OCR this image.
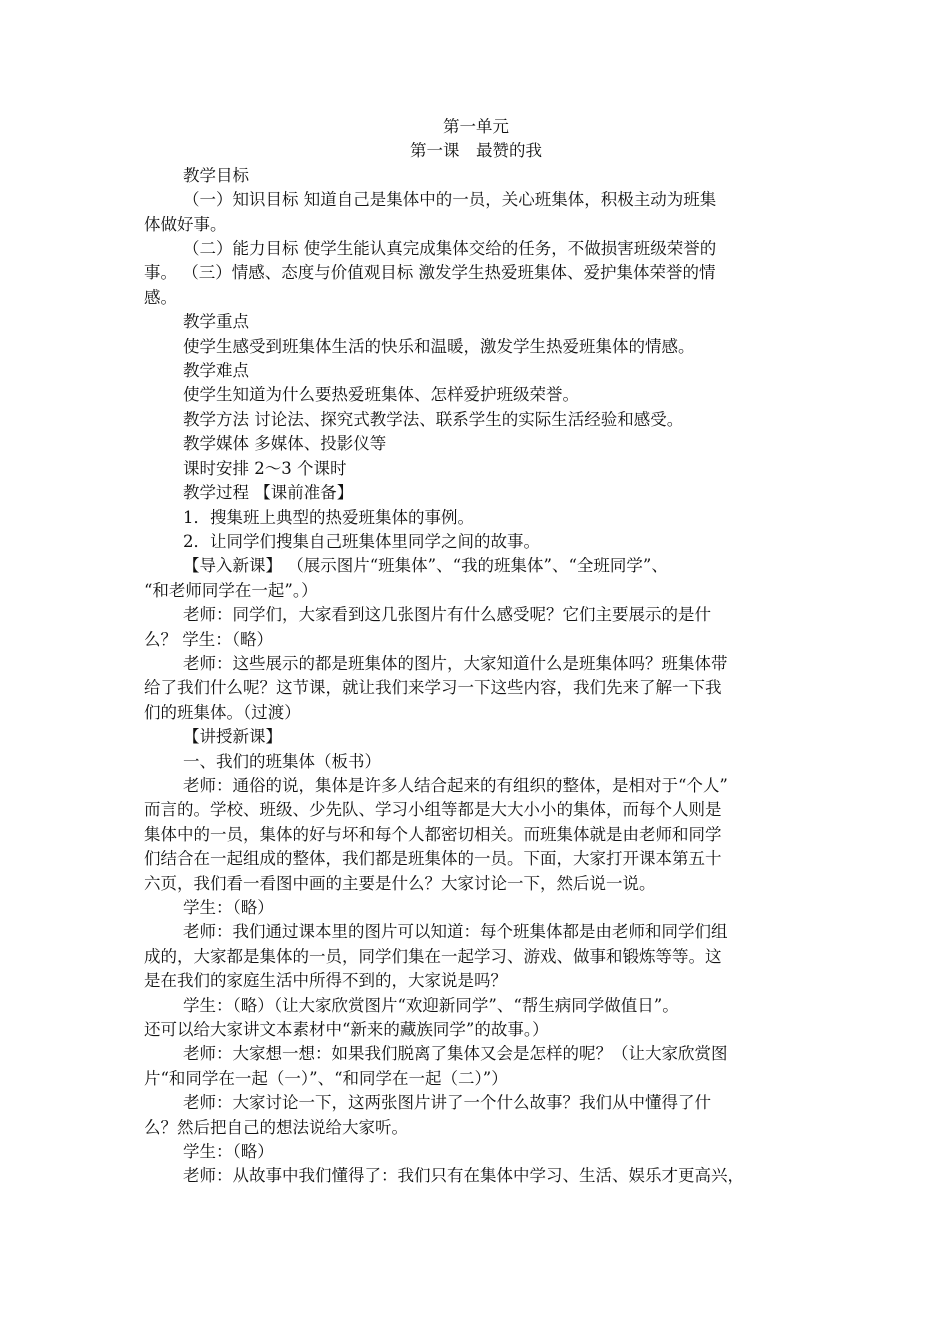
第一单元

第一课　最赞的我

教学目标

（一）知识目标 知道自己是集体中的一员，关心班集体，积极主动为班集

体做好事。

（二）能力目标 使学生能认真完成集体交给的任务，不做损害班级荣誉的

事。 （三）情感、态度与价值观目标 激发学生热爱班集体、爱护集体荣誉的情

感。

教学重点

使学生感受到班集体生活的快乐和温暖，激发学生热爱班集体的情感。

教学难点

使学生知道为什么要热爱班集体、怎样爱护班级荣誉。

教学方法 讨论法、探究式教学法、联系学生的实际生活经验和感受。

教学媒体 多媒体、投影仪等

课时安排 2～3 个课时

教学过程 【课前准备】

1．搜集班上典型的热爱班集体的事例。

2．让同学们搜集自己班集体里同学之间的故事。

【导入新课】 （展示图片“班集体”、“我的班集体”、“全班同学”、

“和老师同学在一起”。）

老师：同学们，大家看到这几张图片有什么感受呢？它们主要展示的是什

么？ 学生：（略）

老师：这些展示的都是班集体的图片，大家知道什么是班集体吗？班集体带

给了我们什么呢？这节课，就让我们来学习一下这些内容，我们先来了解一下我

们的班集体。（过渡）

【讲授新课】

一、我们的班集体（板书）

老师：通俗的说，集体是许多人结合起来的有组织的整体，是相对于“个人”

而言的。学校、班级、少先队、学习小组等都是大大小小的集体，而每个人则是

集体中的一员，集体的好与坏和每个人都密切相关。而班集体就是由老师和同学

们结合在一起组成的整体，我们都是班集体的一员。下面，大家打开课本第五十

六页，我们看一看图中画的主要是什么？大家讨论一下，然后说一说。

学生：（略）

老师：我们通过课本里的图片可以知道：每个班集体都是由老师和同学们组

成的，大家都是集体的一员，同学们集在一起学习、游戏、做事和锻炼等等。这

是在我们的家庭生活中所得不到的，大家说是吗？

学生：（略）（让大家欣赏图片“欢迎新同学”、“帮生病同学做值日”。

还可以给大家讲文本素材中“新来的藏族同学”的故事。）

老师：大家想一想：如果我们脱离了集体又会是怎样的呢？（让大家欣赏图

片“和同学在一起（一）”、“和同学在一起（二）”）

老师：大家讨论一下，这两张图片讲了一个什么故事？我们从中懂得了什

么？然后把自己的想法说给大家听。

学生：（略）

老师：从故事中我们懂得了：我们只有在集体中学习、生活、娱乐才更高兴，
